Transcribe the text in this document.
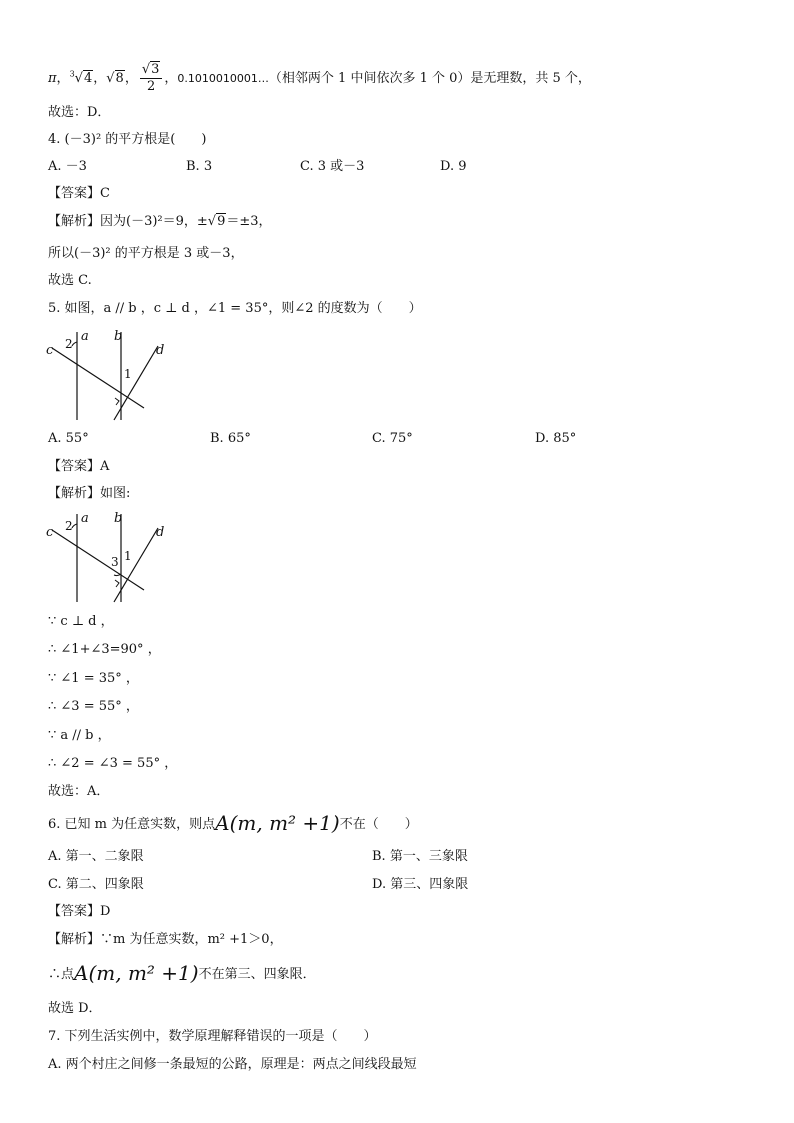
π，$^3$√4，√8， $\frac{√3}{2}$ ，0.1010010001…（相邻两个 1 中间依次多 1 个 0）是无理数，共 5 个，
故选：D．
4. (－3)² 的平方根是(　　)
A. －3	B. 3	C. 3 或－3	D. 9
【答案】C
【解析】因为(－3)²＝9，±√9＝±3，
所以(－3)² 的平方根是 3 或－3，
故选 C.
5. 如图，a // b ，c ⊥ d ，∠1 = 35°，则∠2 的度数为（　　）
a b
c	d
2
1
A. 55°	B. 65°	C. 75°	D. 85°
【答案】A
【解析】如图:
a b
c	d
2
1
3
∵ c ⊥ d ，
∴ ∠1+∠3=90° ，
∵ ∠1 = 35° ，
∴ ∠3 = 55° ，
∵ a // b ，
∴ ∠2 = ∠3 = 55° ，
故选：A．
6. 已知 m 为任意实数，则点A(m, m² +1)不在（　　）
A. 第一、二象限	B. 第一、三象限
C. 第二、四象限	D. 第三、四象限
【答案】D
【解析】∵m 为任意实数，m² +1＞0，
∴点A(m, m² +1)不在第三、四象限．
故选 D．
7. 下列生活实例中，数学原理解释错误的一项是（　　）
A. 两个村庄之间修一条最短的公路，原理是：两点之间线段最短
